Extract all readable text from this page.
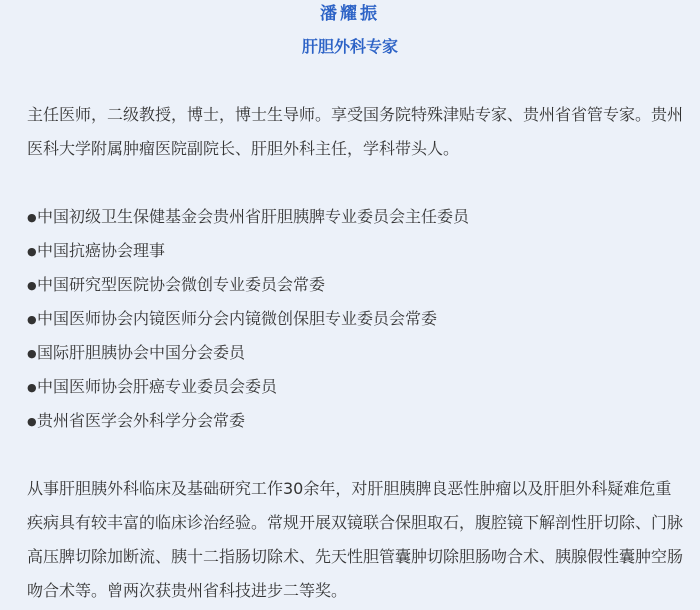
潘耀振
肝胆外科专家

主任医师，二级教授，博士，博士生导师。享受国务院特殊津贴专家、贵州省省管专家。贵州医科大学附属肿瘤医院副院长、肝胆外科主任，学科带头人。

●中国初级卫生保健基金会贵州省肝胆胰脾专业委员会主任委员
●中国抗癌协会理事
●中国研究型医院协会微创专业委员会常委
●中国医师协会内镜医师分会内镜微创保胆专业委员会常委
●国际肝胆胰协会中国分会委员
●中国医师协会肝癌专业委员会委员
●贵州省医学会外科学分会常委

从事肝胆胰外科临床及基础研究工作30余年，对肝胆胰脾良恶性肿瘤以及肝胆外科疑难危重疾病具有较丰富的临床诊治经验。常规开展双镜联合保胆取石，腹腔镜下解剖性肝切除、门脉高压脾切除加断流、胰十二指肠切除术、先天性胆管囊肿切除胆肠吻合术、胰腺假性囊肿空肠吻合术等。曾两次获贵州省科技进步二等奖。
